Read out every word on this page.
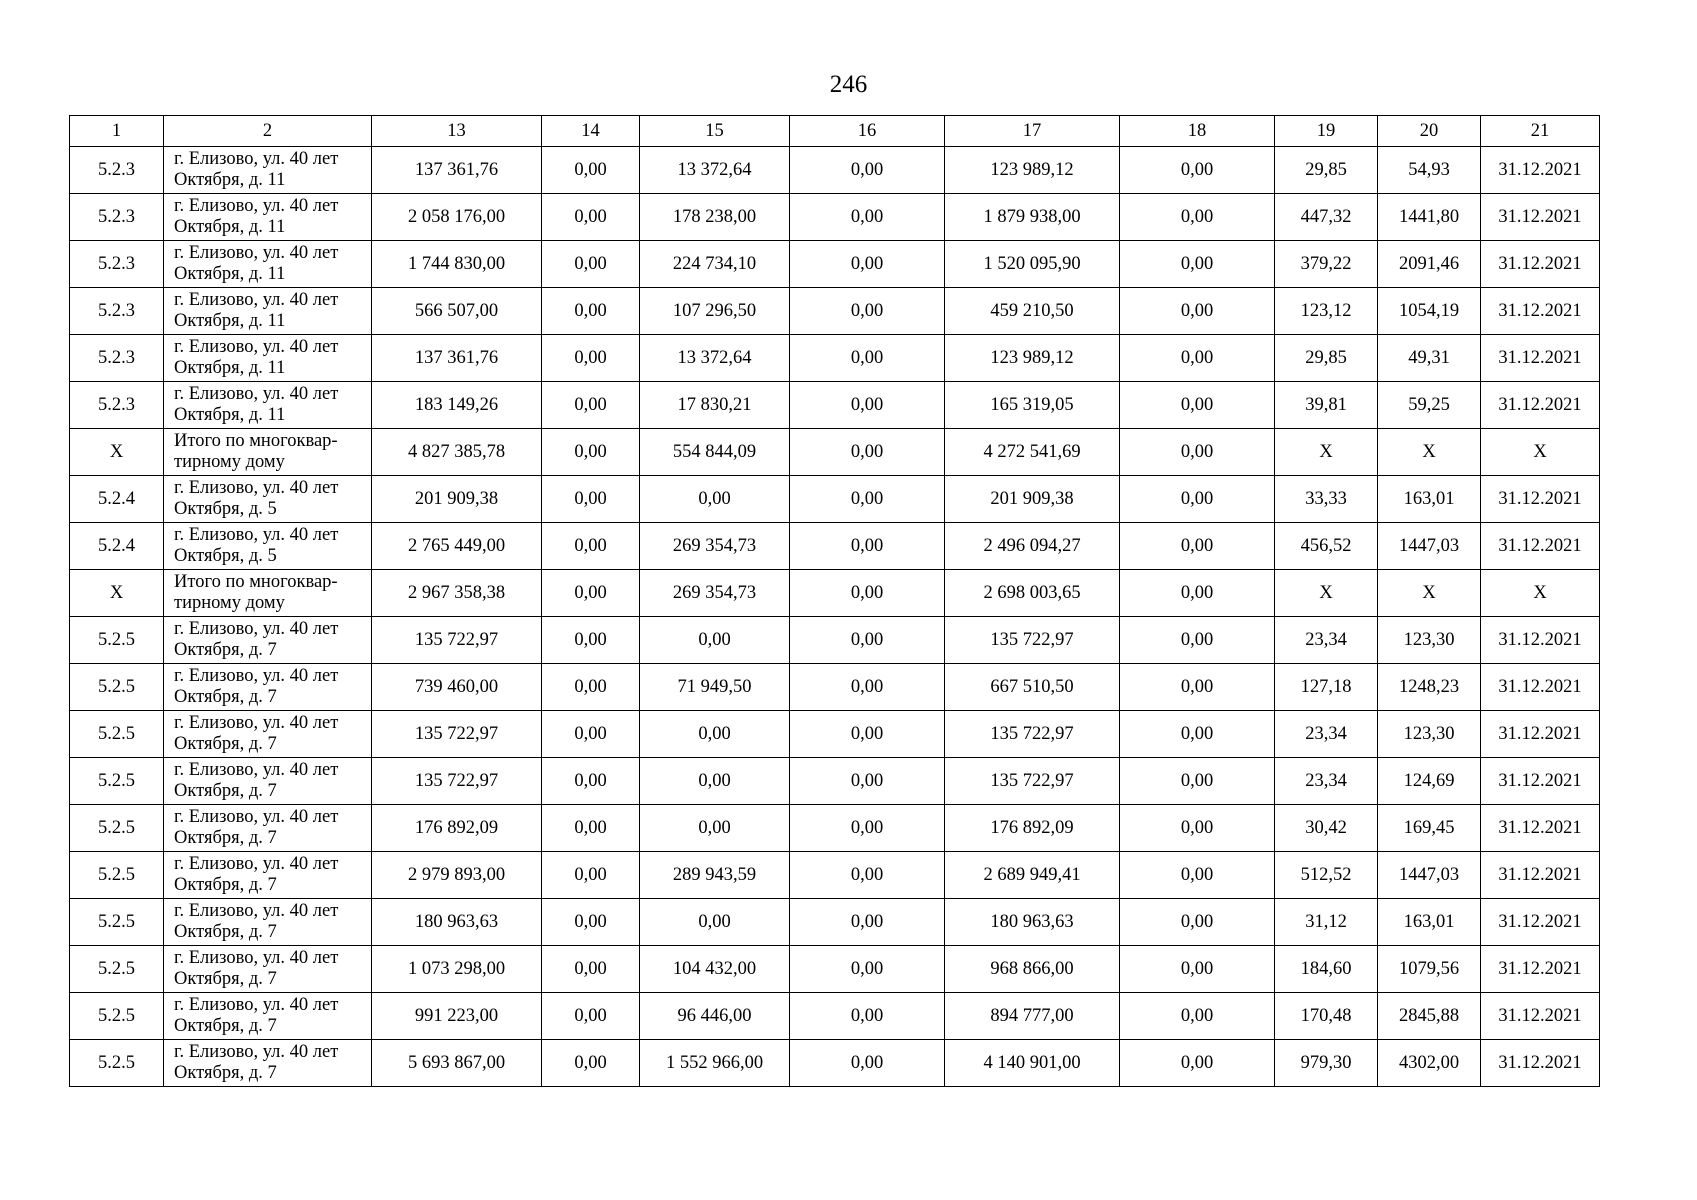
246
1	2	13	14	15	16	17	18	19	20	21
5.2.3	г. Елизово, ул. 40 лет
Октября, д. 11	137 361,76	0,00	13 372,64	0,00	123 989,12	0,00	29,85	54,93	31.12.2021
5.2.3	г. Елизово, ул. 40 лет
Октября, д. 11	2 058 176,00	0,00	178 238,00	0,00	1 879 938,00	0,00	447,32	1441,80	31.12.2021
5.2.3	г. Елизово, ул. 40 лет
Октября, д. 11	1 744 830,00	0,00	224 734,10	0,00	1 520 095,90	0,00	379,22	2091,46	31.12.2021
5.2.3	г. Елизово, ул. 40 лет
Октября, д. 11	566 507,00	0,00	107 296,50	0,00	459 210,50	0,00	123,12	1054,19	31.12.2021
5.2.3	г. Елизово, ул. 40 лет
Октября, д. 11	137 361,76	0,00	13 372,64	0,00	123 989,12	0,00	29,85	49,31	31.12.2021
5.2.3	г. Елизово, ул. 40 лет
Октября, д. 11	183 149,26	0,00	17 830,21	0,00	165 319,05	0,00	39,81	59,25	31.12.2021
X	Итого по многоквар-
тирному дому	4 827 385,78	0,00	554 844,09	0,00	4 272 541,69	0,00	X	X	X
5.2.4	г. Елизово, ул. 40 лет
Октября, д. 5	201 909,38	0,00	0,00	0,00	201 909,38	0,00	33,33	163,01	31.12.2021
5.2.4	г. Елизово, ул. 40 лет
Октября, д. 5	2 765 449,00	0,00	269 354,73	0,00	2 496 094,27	0,00	456,52	1447,03	31.12.2021
X	Итого по многоквар-
тирному дому	2 967 358,38	0,00	269 354,73	0,00	2 698 003,65	0,00	X	X	X
5.2.5	г. Елизово, ул. 40 лет
Октября, д. 7	135 722,97	0,00	0,00	0,00	135 722,97	0,00	23,34	123,30	31.12.2021
5.2.5	г. Елизово, ул. 40 лет
Октября, д. 7	739 460,00	0,00	71 949,50	0,00	667 510,50	0,00	127,18	1248,23	31.12.2021
5.2.5	г. Елизово, ул. 40 лет
Октября, д. 7	135 722,97	0,00	0,00	0,00	135 722,97	0,00	23,34	123,30	31.12.2021
5.2.5	г. Елизово, ул. 40 лет
Октября, д. 7	135 722,97	0,00	0,00	0,00	135 722,97	0,00	23,34	124,69	31.12.2021
5.2.5	г. Елизово, ул. 40 лет
Октября, д. 7	176 892,09	0,00	0,00	0,00	176 892,09	0,00	30,42	169,45	31.12.2021
5.2.5	г. Елизово, ул. 40 лет
Октября, д. 7	2 979 893,00	0,00	289 943,59	0,00	2 689 949,41	0,00	512,52	1447,03	31.12.2021
5.2.5	г. Елизово, ул. 40 лет
Октября, д. 7	180 963,63	0,00	0,00	0,00	180 963,63	0,00	31,12	163,01	31.12.2021
5.2.5	г. Елизово, ул. 40 лет
Октября, д. 7	1 073 298,00	0,00	104 432,00	0,00	968 866,00	0,00	184,60	1079,56	31.12.2021
5.2.5	г. Елизово, ул. 40 лет
Октября, д. 7	991 223,00	0,00	96 446,00	0,00	894 777,00	0,00	170,48	2845,88	31.12.2021
5.2.5	г. Елизово, ул. 40 лет
Октября, д. 7	5 693 867,00	0,00	1 552 966,00	0,00	4 140 901,00	0,00	979,30	4302,00	31.12.2021
